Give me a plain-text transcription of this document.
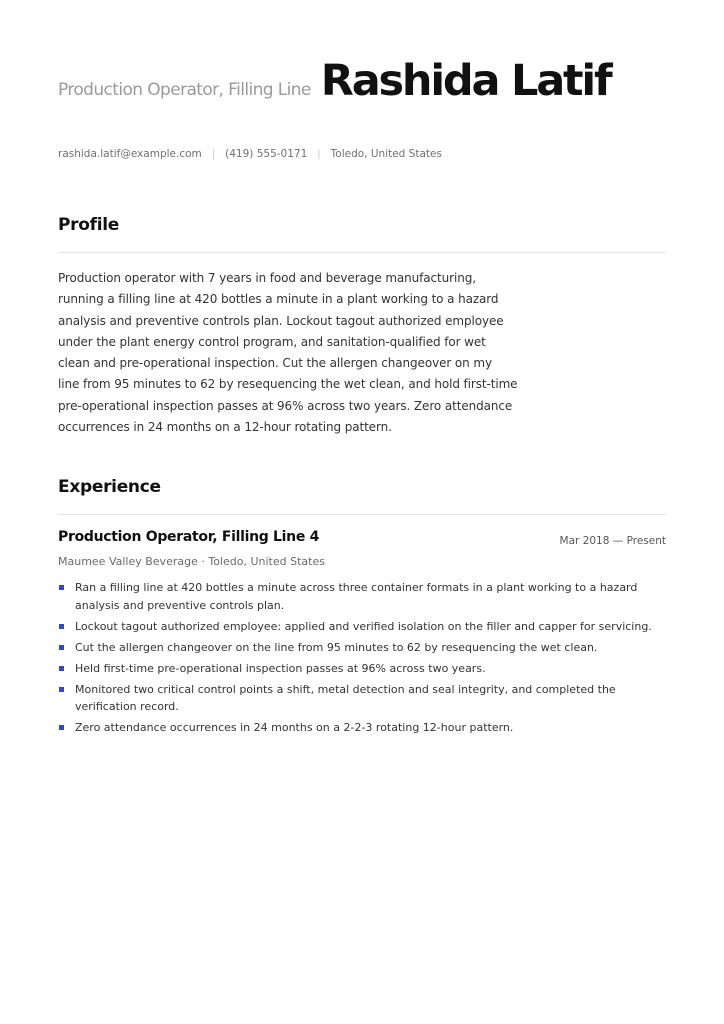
Production Operator, Filling Line Rashida Latif
rashida.latif@example.com | (419) 555-0171 | Toledo, United States
Profile
Production operator with 7 years in food and beverage manufacturing,
running a filling line at 420 bottles a minute in a plant working to a hazard
analysis and preventive controls plan. Lockout tagout authorized employee
under the plant energy control program, and sanitation-qualified for wet
clean and pre-operational inspection. Cut the allergen changeover on my
line from 95 minutes to 62 by resequencing the wet clean, and hold first-time
pre-operational inspection passes at 96% across two years. Zero attendance
occurrences in 24 months on a 12-hour rotating pattern.
Experience
Production Operator, Filling Line 4	Mar 2018 — Present
Maumee Valley Beverage · Toledo, United States
Ran a filling line at 420 bottles a minute across three container formats in a plant working to a hazard analysis and preventive controls plan.
Lockout tagout authorized employee: applied and verified isolation on the filler and capper for servicing.
Cut the allergen changeover on the line from 95 minutes to 62 by resequencing the wet clean.
Held first-time pre-operational inspection passes at 96% across two years.
Monitored two critical control points a shift, metal detection and seal integrity, and completed the verification record.
Zero attendance occurrences in 24 months on a 2-2-3 rotating 12-hour pattern.
